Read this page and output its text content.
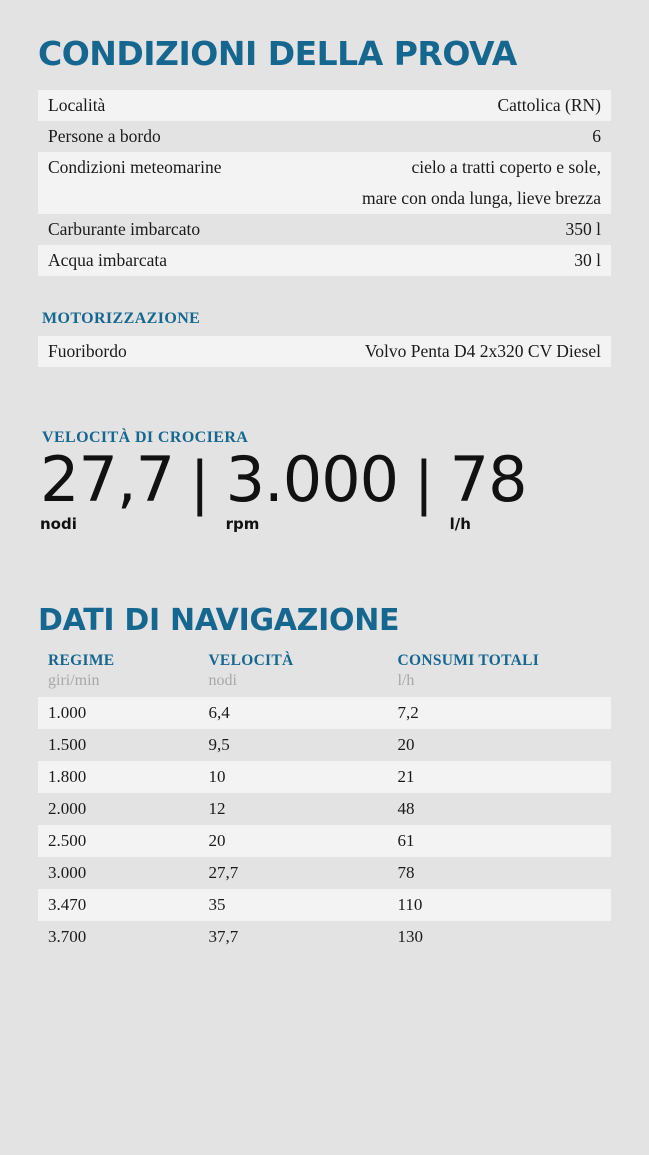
CONDIZIONI DELLA PROVA
Località	Cattolica (RN)
Persone a bordo	6
Condizioni meteomarine	cielo a tratti coperto e sole,
	mare con onda lunga, lieve brezza
Carburante imbarcato	350 l
Acqua imbarcata	30 l
MOTORIZZAZIONE
Fuoribordo	Volvo Penta D4 2x320 CV Diesel
VELOCITÀ DI CROCIERA
27,7
nodi
| 3.000
rpm
| 78
l/h
DATI DI NAVIGAZIONE
REGIME	VELOCITÀ	CONSUMI TOTALI
giri/min	nodi	l/h
1.000	6,4	7,2
1.500	9,5	20
1.800	10	21
2.000	12	48
2.500	20	61
3.000	27,7	78
3.470	35	110
3.700	37,7	130
